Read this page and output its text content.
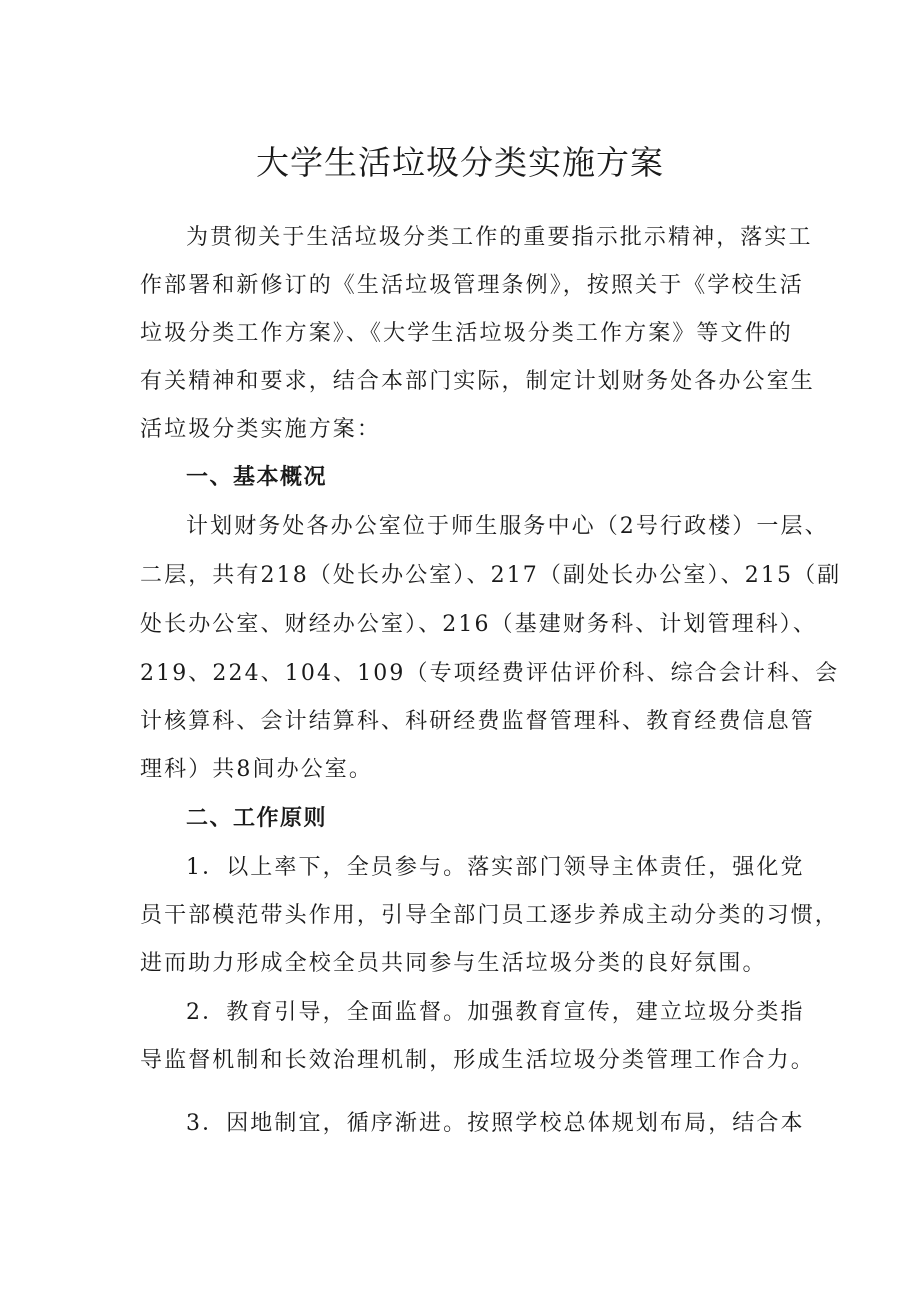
大学生活垃圾分类实施方案

为贯彻关于生活垃圾分类工作的重要指示批示精神，落实工

作部署和新修订的《生活垃圾管理条例》，按照关于《学校生活

垃圾分类工作方案》、《大学生活垃圾分类工作方案》等文件的

有关精神和要求，结合本部门实际，制定计划财务处各办公室生

活垃圾分类实施方案：

一、基本概况

计划财务处各办公室位于师生服务中心（2号行政楼）一层、

二层，共有218（处长办公室）、217（副处长办公室）、215（副

处长办公室、财经办公室）、216（基建财务科、计划管理科）、

219、224、104、109（专项经费评估评价科、综合会计科、会

计核算科、会计结算科、科研经费监督管理科、教育经费信息管

理科）共8间办公室。

二、工作原则

1．以上率下，全员参与。落实部门领导主体责任，强化党

员干部模范带头作用，引导全部门员工逐步养成主动分类的习惯，

进而助力形成全校全员共同参与生活垃圾分类的良好氛围。

2．教育引导，全面监督。加强教育宣传，建立垃圾分类指

导监督机制和长效治理机制，形成生活垃圾分类管理工作合力。

3．因地制宜，循序渐进。按照学校总体规划布局，结合本
